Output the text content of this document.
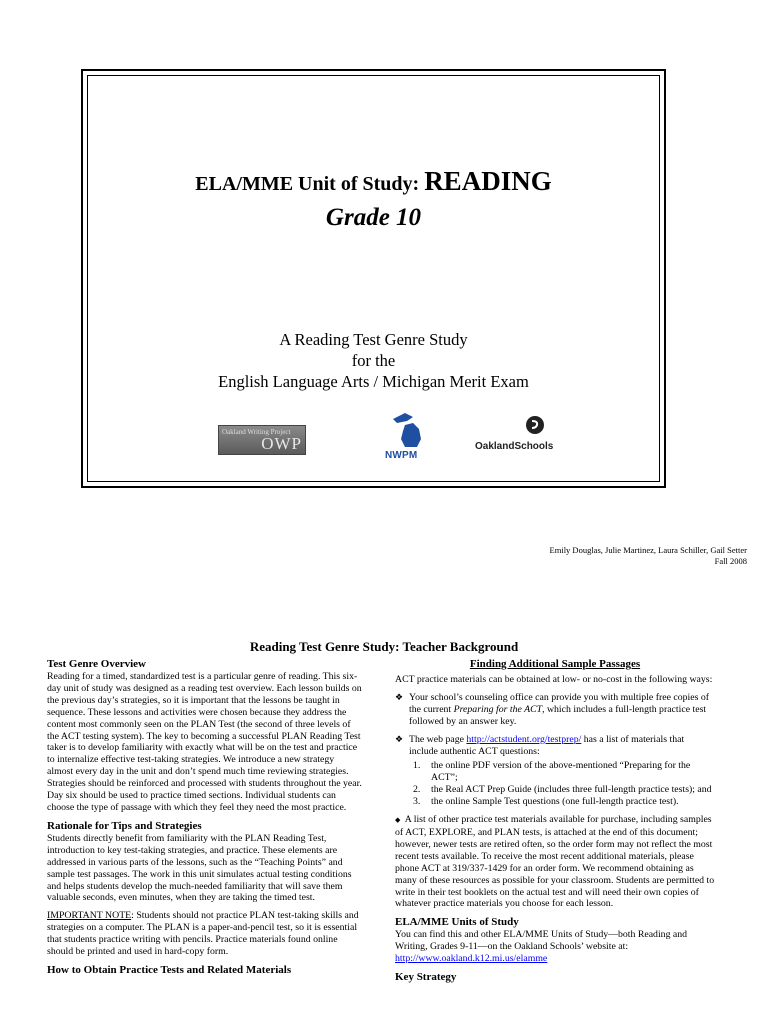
ELA/MME Unit of Study: READING
Grade 10
A Reading Test Genre Study
for the
English Language Arts / Michigan Merit Exam
Oakland Writing Project
OWP
NWPM
OaklandSchools
Emily Douglas, Julie Martinez, Laura Schiller, Gail Setter
Fall 2008
Reading Test Genre Study: Teacher Background
Test Genre Overview

Reading for a timed, standardized test is a particular genre of reading. This six-day unit of study was designed as a reading test overview. Each lesson builds on the previous day’s strategies, so it is important that the lessons be taught in sequence. These lessons and activities were chosen because they address the content most commonly seen on the PLAN Test (the second of three levels of the ACT testing system). The key to becoming a successful PLAN Reading Test taker is to develop familiarity with exactly what will be on the test and practice to internalize effective test-taking strategies. We introduce a new strategy almost every day in the unit and don’t spend much time reviewing strategies. Strategies should be reinforced and processed with students throughout the year. Day six should be used to practice timed sections. Individual students can choose the type of passage with which they feel they need the most practice.

Rationale for Tips and Strategies

Students directly benefit from familiarity with the PLAN Reading Test, introduction to key test-taking strategies, and practice. These elements are addressed in various parts of the lessons, such as the “Teaching Points” and sample test passages. The work in this unit simulates actual testing conditions and helps students develop the much-needed familiarity that will save them valuable seconds, even minutes, when they are taking the timed test.

IMPORTANT NOTE: Students should not practice PLAN test-taking skills and strategies on a computer. The PLAN is a paper-and-pencil test, so it is essential that students practice writing with pencils. Practice materials found online should be printed and used in hard-copy form.

How to Obtain Practice Tests and Related Materials
Finding Additional Sample Passages

ACT practice materials can be obtained at low- or no-cost in the following ways:

❖ Your school’s counseling office can provide you with multiple free copies of the current Preparing for the ACT, which includes a full-length practice test followed by an answer key.
❖ The web page http://actstudent.org/testprep/ has a list of materials that include authentic ACT questions:
1. the online PDF version of the above-mentioned “Preparing for the ACT”;
2. the Real ACT Prep Guide (includes three full-length practice tests); and
3. the online Sample Test questions (one full-length practice test).

◆ A list of other practice test materials available for purchase, including samples of ACT, EXPLORE, and PLAN tests, is attached at the end of this document; however, newer tests are retired often, so the order form may not reflect the most recent tests available. To receive the most recent additional materials, please phone ACT at 319/337-1429 for an order form. We recommend obtaining as many of these resources as possible for your classroom. Students are permitted to write in their test booklets on the actual test and will need their own copies of whatever practice materials you choose for each lesson.

ELA/MME Units of Study

You can find this and other ELA/MME Units of Study—both Reading and Writing, Grades 9-11—on the Oakland Schools’ website at:
http://www.oakland.k12.mi.us/elamme

Key Strategy
